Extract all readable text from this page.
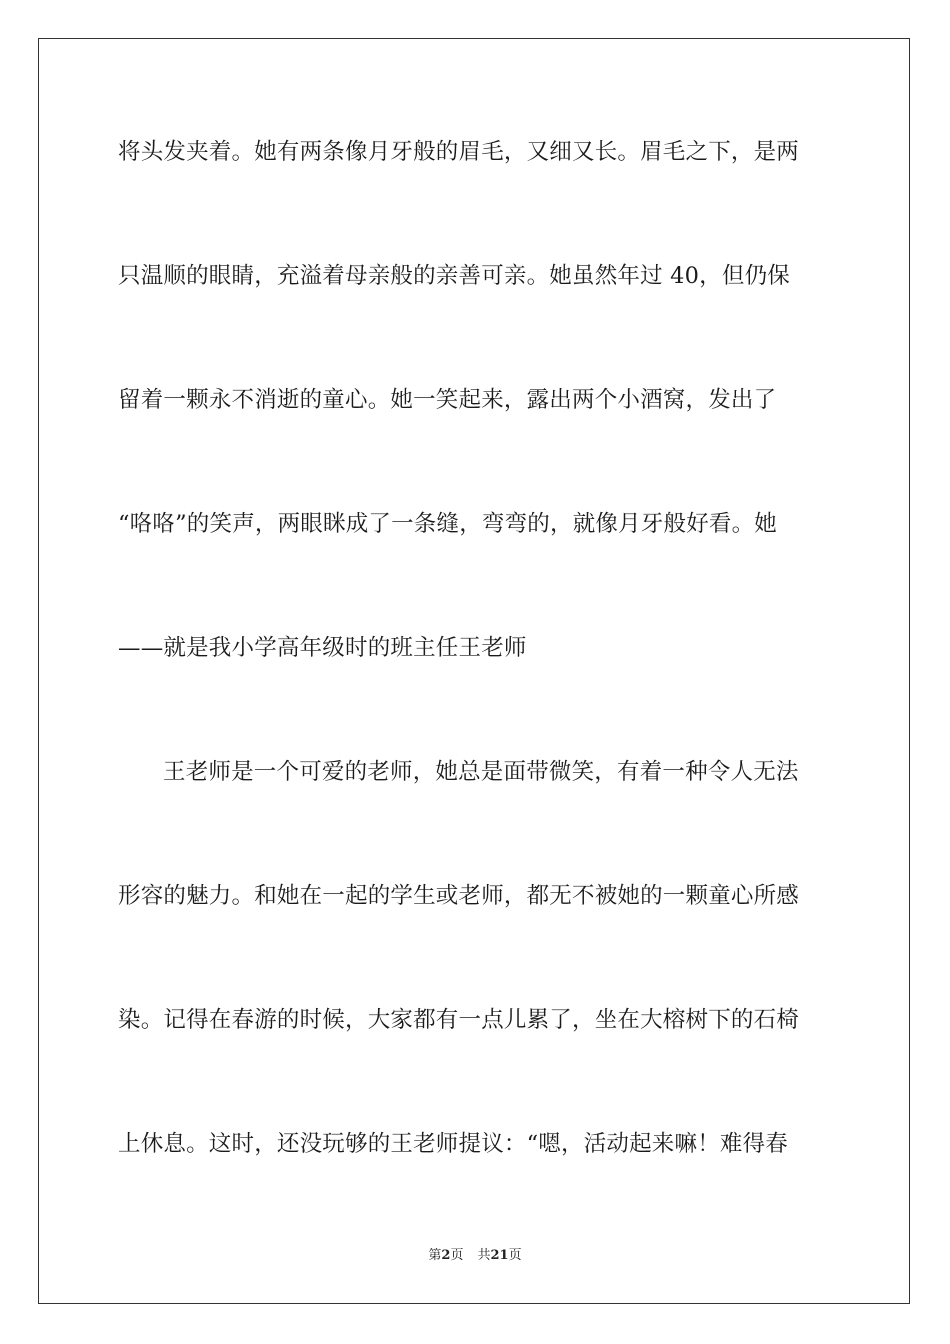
将头发夹着。她有两条像月牙般的眉毛，又细又长。眉毛之下，是两
只温顺的眼睛，充溢着母亲般的亲善可亲。她虽然年过 40，但仍保
留着一颗永不消逝的童心。她一笑起来，露出两个小酒窝，发出了
“咯咯”的笑声，两眼眯成了一条缝，弯弯的，就像月牙般好看。她
——就是我小学高年级时的班主任王老师
王老师是一个可爱的老师，她总是面带微笑，有着一种令人无法
形容的魅力。和她在一起的学生或老师，都无不被她的一颗童心所感
染。记得在春游的时候，大家都有一点儿累了，坐在大榕树下的石椅
上休息。这时，还没玩够的王老师提议：“嗯，活动起来嘛！难得春
第2页 共21页
